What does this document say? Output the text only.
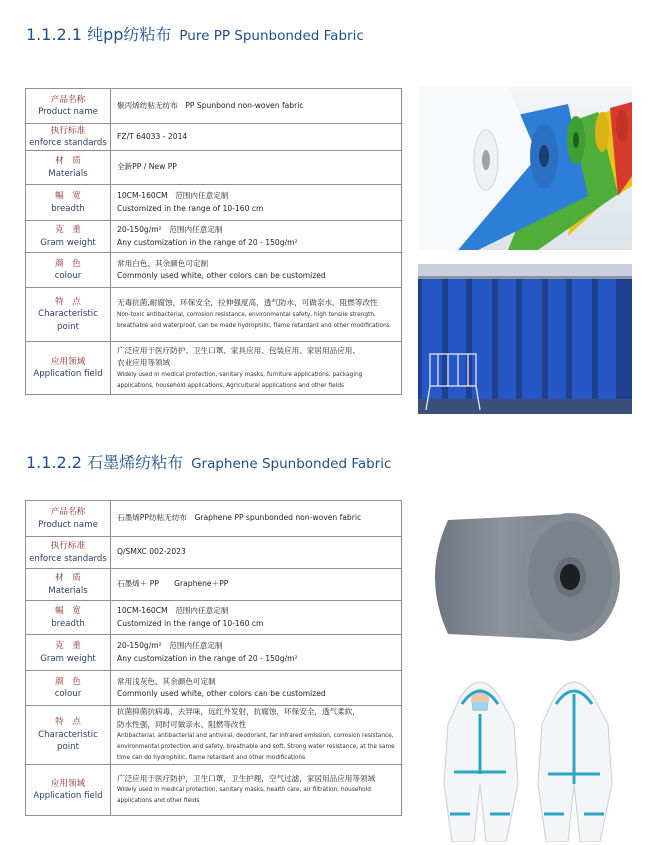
1.1.2.1 纯pp纺粘布 Pure PP Spunbonded Fabric
产品名称
Product name	聚丙烯纺粘无纺布　PP Spunbond non-woven fabric

执行标准
enforce standards	FZ/T 64033 - 2014

材　质
Materials	全新PP / New PP

幅　宽
breadth	10CM-160CM　范围内任意定制
Customized in the range of 10-160 cm

克　重
Gram weight	20-150g/m²　范围内任意定制
Any customization in the range of 20 - 150g/m²

颜　色
colour	常用白色、其余颜色可定制
Commonly used white, other colors can be customized

特　点
Characteristic point	无毒抗菌,耐腐蚀，环保安全，拉伸强度高，透气防水，可做亲水，阻燃等改性
Non-toxic antibacterial, corrosion resistance, environmental safety, high tensile strength,
breathable and waterproof, can be made hydrophilic, flame retardant and other modifications

应用领域
Application field	广泛应用于医疗防护、卫生口罩、家具应用、包装应用、家居用品应用、
农业应用等领域
Widely used in medical protection, sanitary masks, furniture applications, packaging
applications, household applications, Agricultural applications and other fields
1.1.2.2 石墨烯纺粘布 Graphene Spunbonded Fabric
产品名称
Product name	石墨烯PP纺粘无纺布　Graphene PP spunbonded non-woven fabric

执行标准
enforce standards	Q/SMXC 002-2023

材　质
Materials	石墨烯＋ PP　　Graphene＋PP

幅　宽
breadth	10CM-160CM　范围内任意定制
Customized in the range of 10-160 cm

克　重
Gram weight	20-150g/m²　范围内任意定制
Any customization in the range of 20 - 150g/m²

颜　色
colour	常用浅灰色、其余颜色可定制
Commonly used white, other colors can be customized

特　点
Characteristic point	抗菌抑菌抗病毒，去异味，远红外发射，抗腐蚀，环保安全，透气柔软，
防水性强，同时可做亲水、阻燃等改性
Antibacterial, antibacterial and antiviral, deodorant, far infrared emission, corrosion resistance,
environmental protection and safety, breathable and soft, Strong water resistance, at the same
time can do hydrophilic, flame retardant and other modifications

应用领域
Application field	广泛应用于医疗防护，卫生口罩，卫生护理，空气过滤，家居用品应用等领域
Widely used in medical protection, sanitary masks, health care, air filtration, household
applications and other fields
